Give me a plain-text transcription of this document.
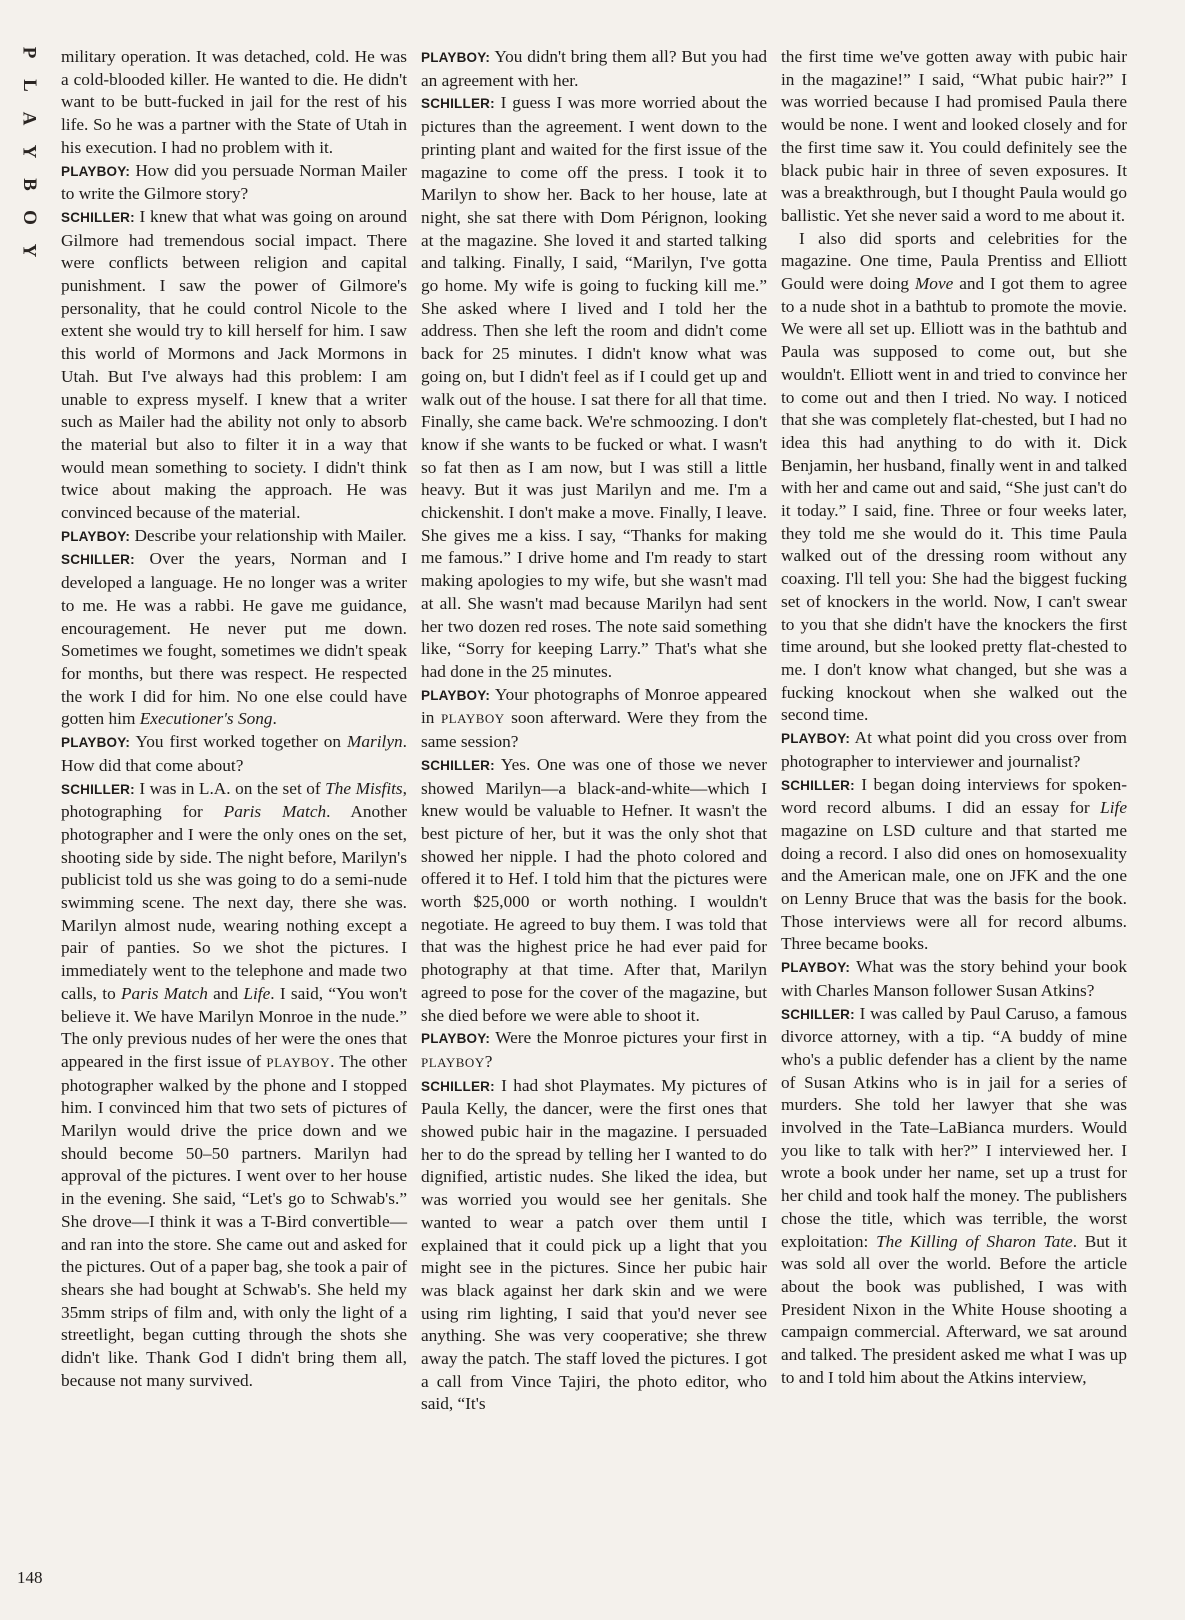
P
L
A
Y
B
O
Y

military operation. It was detached, cold. He was a cold-blooded killer. He wanted to die. He didn't want to be butt-fucked in jail for the rest of his life. So he was a partner with the State of Utah in his execution. I had no problem with it.

PLAYBOY: How did you persuade Norman Mailer to write the Gilmore story?

SCHILLER: I knew that what was going on around Gilmore had tremendous social impact. There were conflicts between religion and capital punishment. I saw the power of Gilmore's personality, that he could control Nicole to the extent she would try to kill herself for him. I saw this world of Mormons and Jack Mormons in Utah. But I've always had this problem: I am unable to express myself. I knew that a writer such as Mailer had the ability not only to absorb the material but also to filter it in a way that would mean something to society. I didn't think twice about making the approach. He was convinced because of the material.

PLAYBOY: Describe your relationship with Mailer.

SCHILLER: Over the years, Norman and I developed a language. He no longer was a writer to me. He was a rabbi. He gave me guidance, encouragement. He never put me down. Sometimes we fought, sometimes we didn't speak for months, but there was respect. He respected the work I did for him. No one else could have gotten him Executioner's Song.

PLAYBOY: You first worked together on Marilyn. How did that come about?

SCHILLER: I was in L.A. on the set of The Misfits, photographing for Paris Match. Another photographer and I were the only ones on the set, shooting side by side. The night before, Marilyn's publicist told us she was going to do a semi-nude swimming scene. The next day, there she was. Marilyn almost nude, wearing nothing except a pair of panties. So we shot the pictures. I immediately went to the telephone and made two calls, to Paris Match and Life. I said, “You won't believe it. We have Marilyn Monroe in the nude.” The only previous nudes of her were the ones that appeared in the first issue of PLAYBOY. The other photographer walked by the phone and I stopped him. I convinced him that two sets of pictures of Marilyn would drive the price down and we should become 50–50 partners. Marilyn had approval of the pictures. I went over to her house in the evening. She said, “Let's go to Schwab's.” She drove—I think it was a T-Bird convertible—and ran into the store. She came out and asked for the pictures. Out of a paper bag, she took a pair of shears she had bought at Schwab's. She held my 35mm strips of film and, with only the light of a streetlight, began cutting through the shots she didn't like. Thank God I didn't bring them all, because not many survived.

PLAYBOY: You didn't bring them all? But you had an agreement with her.

SCHILLER: I guess I was more worried about the pictures than the agreement. I went down to the printing plant and waited for the first issue of the magazine to come off the press. I took it to Marilyn to show her. Back to her house, late at night, she sat there with Dom Pérignon, looking at the magazine. She loved it and started talking and talking. Finally, I said, “Marilyn, I've gotta go home. My wife is going to fucking kill me.” She asked where I lived and I told her the address. Then she left the room and didn't come back for 25 minutes. I didn't know what was going on, but I didn't feel as if I could get up and walk out of the house. I sat there for all that time. Finally, she came back. We're schmoozing. I don't know if she wants to be fucked or what. I wasn't so fat then as I am now, but I was still a little heavy. But it was just Marilyn and me. I'm a chickenshit. I don't make a move. Finally, I leave. She gives me a kiss. I say, “Thanks for making me famous.” I drive home and I'm ready to start making apologies to my wife, but she wasn't mad at all. She wasn't mad because Marilyn had sent her two dozen red roses. The note said something like, “Sorry for keeping Larry.” That's what she had done in the 25 minutes.

PLAYBOY: Your photographs of Monroe appeared in PLAYBOY soon afterward. Were they from the same session?

SCHILLER: Yes. One was one of those we never showed Marilyn—a black-and-white—which I knew would be valuable to Hefner. It wasn't the best picture of her, but it was the only shot that showed her nipple. I had the photo colored and offered it to Hef. I told him that the pictures were worth $25,000 or worth nothing. I wouldn't negotiate. He agreed to buy them. I was told that that was the highest price he had ever paid for photography at that time. After that, Marilyn agreed to pose for the cover of the magazine, but she died before we were able to shoot it.

PLAYBOY: Were the Monroe pictures your first in PLAYBOY?

SCHILLER: I had shot Playmates. My pictures of Paula Kelly, the dancer, were the first ones that showed pubic hair in the magazine. I persuaded her to do the spread by telling her I wanted to do dignified, artistic nudes. She liked the idea, but was worried you would see her genitals. She wanted to wear a patch over them until I explained that it could pick up a light that you might see in the pictures. Since her pubic hair was black against her dark skin and we were using rim lighting, I said that you'd never see anything. She was very cooperative; she threw away the patch. The staff loved the pictures. I got a call from Vince Tajiri, the photo editor, who said, “It's

the first time we've gotten away with pubic hair in the magazine!” I said, “What pubic hair?” I was worried because I had promised Paula there would be none. I went and looked closely and for the first time saw it. You could definitely see the black pubic hair in three of seven exposures. It was a breakthrough, but I thought Paula would go ballistic. Yet she never said a word to me about it.

I also did sports and celebrities for the magazine. One time, Paula Prentiss and Elliott Gould were doing Move and I got them to agree to a nude shot in a bathtub to promote the movie. We were all set up. Elliott was in the bathtub and Paula was supposed to come out, but she wouldn't. Elliott went in and tried to convince her to come out and then I tried. No way. I noticed that she was completely flat-chested, but I had no idea this had anything to do with it. Dick Benjamin, her husband, finally went in and talked with her and came out and said, “She just can't do it today.” I said, fine. Three or four weeks later, they told me she would do it. This time Paula walked out of the dressing room without any coaxing. I'll tell you: She had the biggest fucking set of knockers in the world. Now, I can't swear to you that she didn't have the knockers the first time around, but she looked pretty flat-chested to me. I don't know what changed, but she was a fucking knockout when she walked out the second time.

PLAYBOY: At what point did you cross over from photographer to interviewer and journalist?

SCHILLER: I began doing interviews for spoken-word record albums. I did an essay for Life magazine on LSD culture and that started me doing a record. I also did ones on homosexuality and the American male, one on JFK and the one on Lenny Bruce that was the basis for the book. Those interviews were all for record albums. Three became books.

PLAYBOY: What was the story behind your book with Charles Manson follower Susan Atkins?

SCHILLER: I was called by Paul Caruso, a famous divorce attorney, with a tip. “A buddy of mine who's a public defender has a client by the name of Susan Atkins who is in jail for a series of murders. She told her lawyer that she was involved in the Tate–LaBianca murders. Would you like to talk with her?” I interviewed her. I wrote a book under her name, set up a trust for her child and took half the money. The publishers chose the title, which was terrible, the worst exploitation: The Killing of Sharon Tate. But it was sold all over the world. Before the article about the book was published, I was with President Nixon in the White House shooting a campaign commercial. Afterward, we sat around and talked. The president asked me what I was up to and I told him about the Atkins interview,

148
